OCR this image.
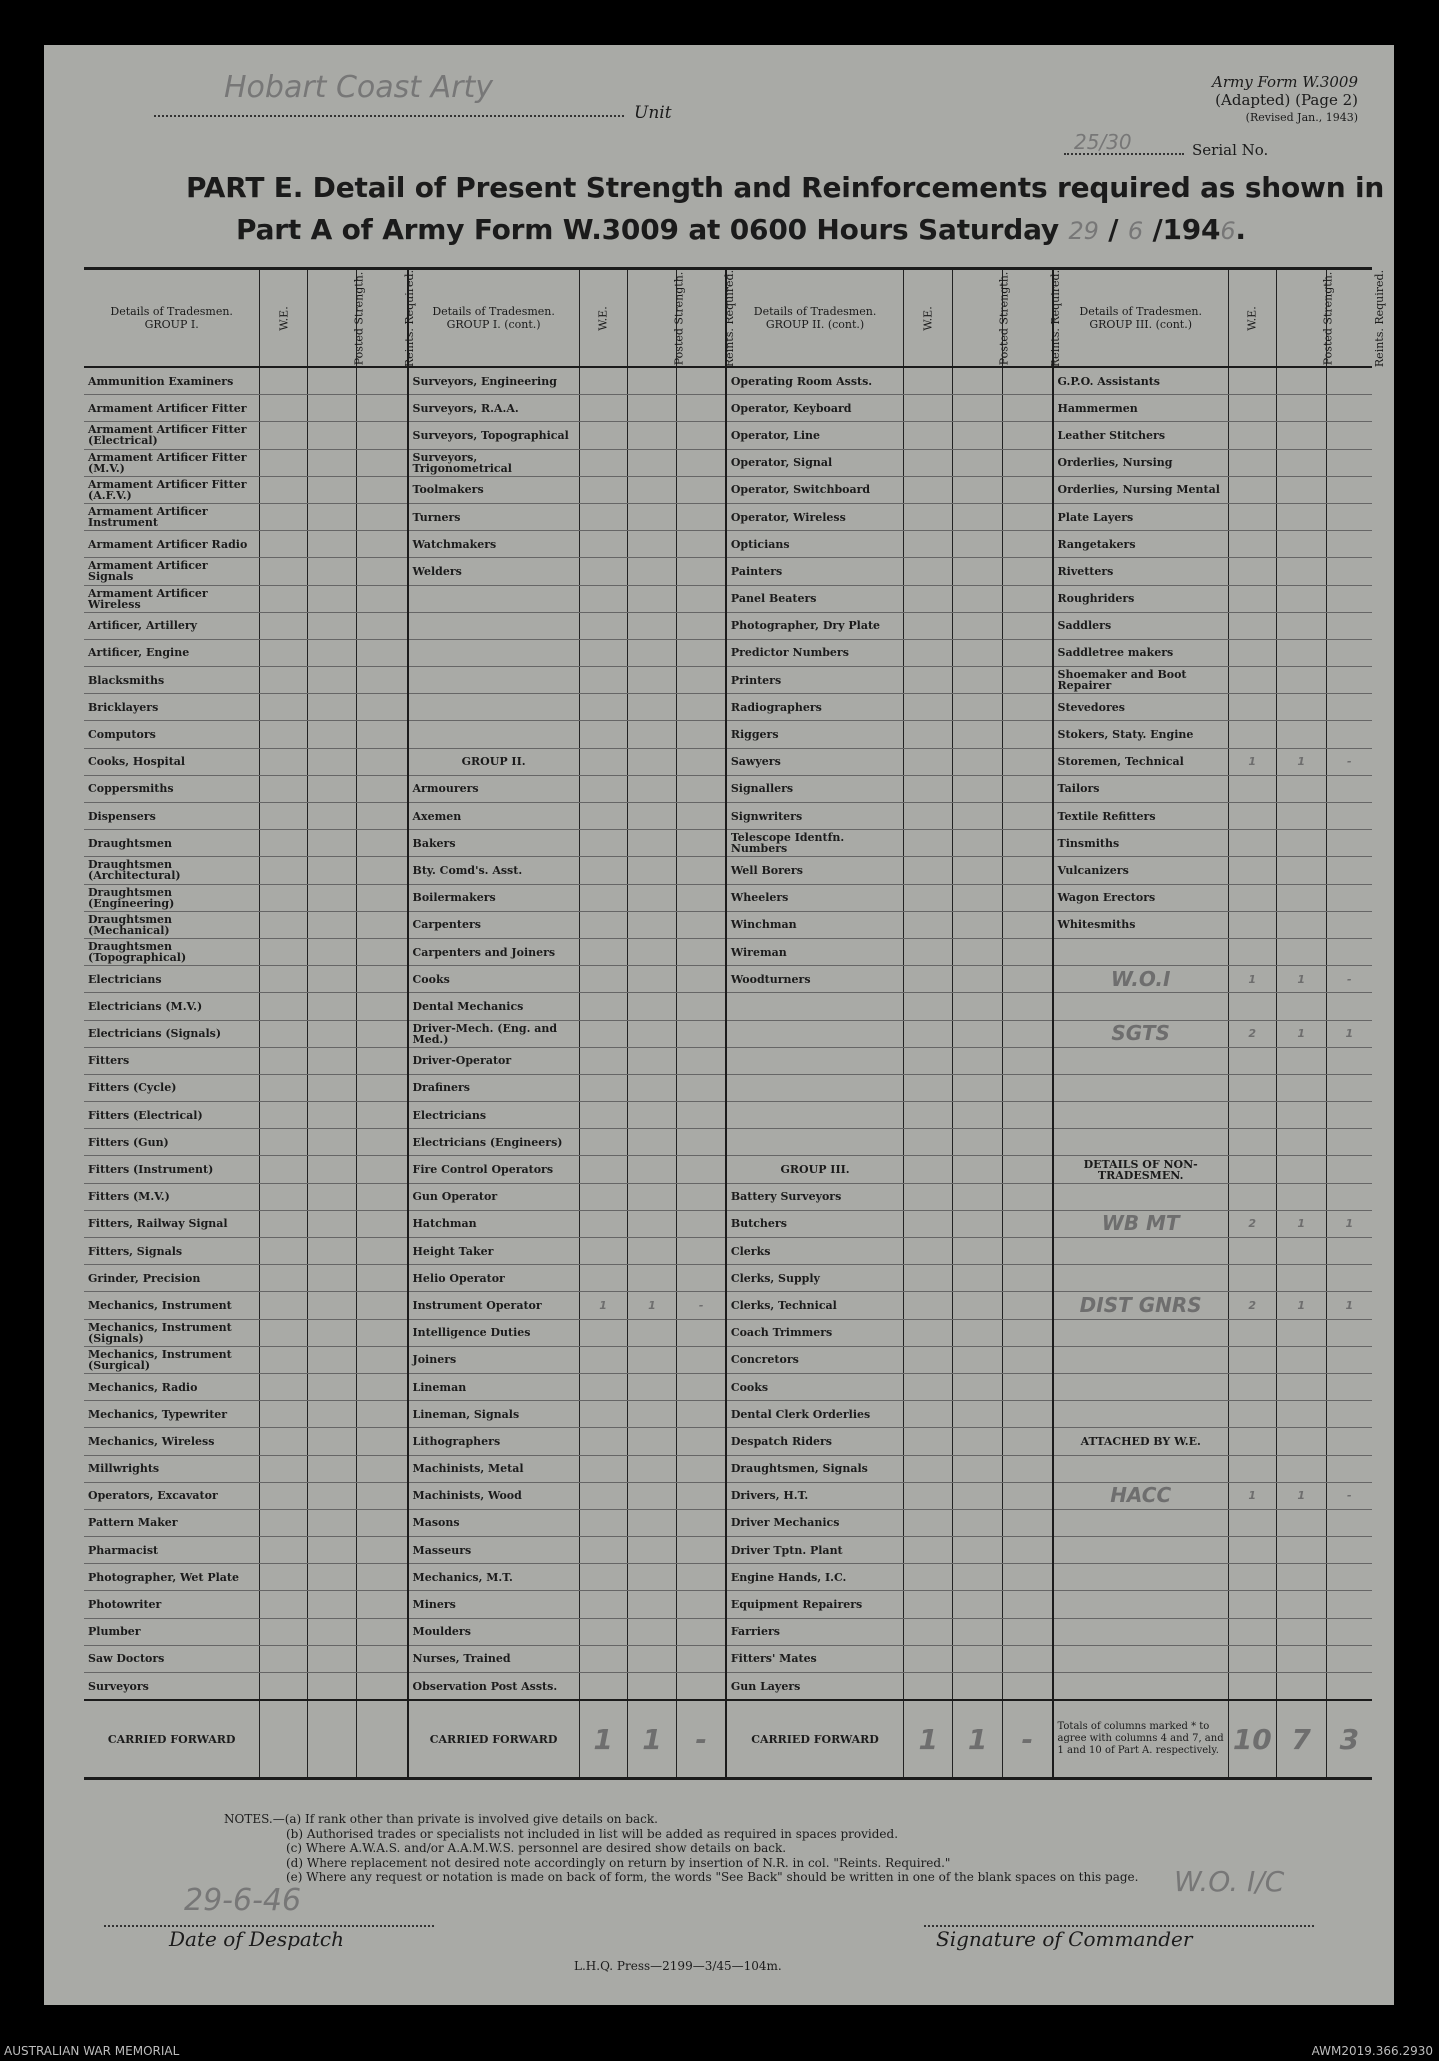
Hobart Coast Arty
Unit
Army Form W.3009
(Adapted) (Page 2)
(Revised Jan., 1943)
25/30	Serial No.
PART E. Detail of Present Strength and Reinforcements required as shown in
Part A of Army Form W.3009 at 0600 Hours Saturday 29 / 6 /1946.
Details of Tradesmen. GROUP I.	W.E.	Posted Strength.	Reints. Required.	Details of Tradesmen. GROUP I. (cont.)	W.E.	Posted Strength.	Reints. Required.	Details of Tradesmen. GROUP II. (cont.)	W.E.	Posted Strength.	Reints. Required.	Details of Tradesmen. GROUP III. (cont.)	W.E.	Posted Strength.	Reints. Required.
Ammunition Examiners				Surveyors, Engineering				Operating Room Assts.				G.P.O. Assistants			
Armament Artificer Fitter				Surveyors, R.A.A.				Operator, Keyboard				Hammermen			
Armament Artificer Fitter (Electrical)				Surveyors, Topographical				Operator, Line				Leather Stitchers			
Armament Artificer Fitter (M.V.)				Surveyors, Trigonometrical				Operator, Signal				Orderlies, Nursing			
Armament Artificer Fitter (A.F.V.)				Toolmakers				Operator, Switchboard				Orderlies, Nursing Mental			
Armament Artificer Instrument				Turners				Operator, Wireless				Plate Layers			
Armament Artificer Radio				Watchmakers				Opticians				Rangetakers			
Armament Artificer Signals				Welders				Painters				Rivetters			
Armament Artificer Wireless								Panel Beaters				Roughriders			
Artificer, Artillery								Photographer, Dry Plate				Saddlers			
Artificer, Engine								Predictor Numbers				Saddletree makers			
Blacksmiths								Printers				Shoemaker and Boot Repairer			
Bricklayers								Radiographers				Stevedores			
Computors								Riggers				Stokers, Staty. Engine			
Cooks, Hospital				GROUP II.				Sawyers				Storemen, Technical	1	1	-
Coppersmiths				Armourers				Signallers				Tailors			
Dispensers				Axemen				Signwriters				Textile Refitters			
Draughtsmen				Bakers				Telescope Identfn. Numbers				Tinsmiths			
Draughtsmen (Architectural)				Bty. Comd's. Asst.				Well Borers				Vulcanizers			
Draughtsmen (Engineering)				Boilermakers				Wheelers				Wagon Erectors			
Draughtsmen (Mechanical)				Carpenters				Winchman				Whitesmiths			
Draughtsmen (Topographical)				Carpenters and Joiners				Wireman							
Electricians				Cooks				Woodturners				W.O.I	1	1	-
Electricians (M.V.)				Dental Mechanics											
Electricians (Signals)				Driver-Mech. (Eng. and Med.)								SGTS	2	1	1
Fitters				Driver-Operator											
Fitters (Cycle)				Drafiners											
Fitters (Electrical)				Electricians											
Fitters (Gun)				Electricians (Engineers)											
Fitters (Instrument)				Fire Control Operators				GROUP III.				DETAILS OF NON-TRADESMEN.			
Fitters (M.V.)				Gun Operator				Battery Surveyors							
Fitters, Railway Signal				Hatchman				Butchers				WB MT	2	1	1
Fitters, Signals				Height Taker				Clerks							
Grinder, Precision				Helio Operator				Clerks, Supply							
Mechanics, Instrument				Instrument Operator	1	1	-	Clerks, Technical				DIST GNRS	2	1	1
Mechanics, Instrument (Signals)				Intelligence Duties				Coach Trimmers							
Mechanics, Instrument (Surgical)				Joiners				Concretors							
Mechanics, Radio				Lineman				Cooks							
Mechanics, Typewriter				Lineman, Signals				Dental Clerk Orderlies							
Mechanics, Wireless				Lithographers				Despatch Riders				ATTACHED BY W.E.			
Millwrights				Machinists, Metal				Draughtsmen, Signals							
Operators, Excavator				Machinists, Wood				Drivers, H.T.				HACC	1	1	-
Pattern Maker				Masons				Driver Mechanics							
Pharmacist				Masseurs				Driver Tptn. Plant							
Photographer, Wet Plate				Mechanics, M.T.				Engine Hands, I.C.							
Photowriter				Miners				Equipment Repairers							
Plumber				Moulders				Farriers							
Saw Doctors				Nurses, Trained				Fitters' Mates							
Surveyors				Observation Post Assts.				Gun Layers							
CARRIED FORWARD				CARRIED FORWARD	1	1	-	CARRIED FORWARD	1	1	-	Totals of columns marked * to agree with columns 4 and 7, and 1 and 10 of Part A. respectively.	10	7	3
NOTES.—(a) If rank other than private is involved give details on back.
(b) Authorised trades or specialists not included in list will be added as required in spaces provided.
(c) Where A.W.A.S. and/or A.A.M.W.S. personnel are desired show details on back.
(d) Where replacement not desired note accordingly on return by insertion of N.R. in col. "Reints. Required."
(e) Where any request or notation is made on back of form, the words "See Back" should be written in one of the blank spaces on this page.
29-6-46
Date of Despatch
W.O. I/C
Signature of Commander
L.H.Q. Press—2199—3/45—104m.
AUSTRALIAN WAR MEMORIAL	AWM2019.366.2930
